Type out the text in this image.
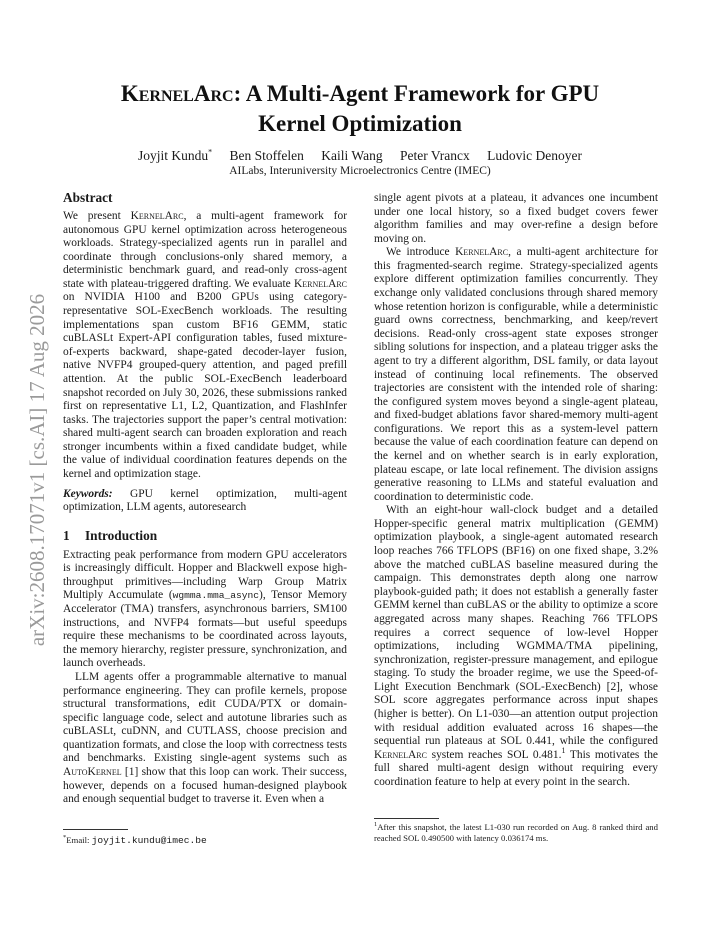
arXiv:2608.17071v1 [cs.AI] 17 Aug 2026
KernelArc: A Multi-Agent Framework for GPU
Kernel Optimization
Joyjit Kundu* Ben Stoffelen Kaili Wang Peter Vrancx Ludovic Denoyer
AILabs, Interuniversity Microelectronics Centre (IMEC)
Abstract

We present KernelArc, a multi-agent framework for autonomous GPU kernel optimization across heterogeneous workloads. Strategy-specialized agents run in parallel and coordinate through conclusions-only shared memory, a deterministic benchmark guard, and read-only cross-agent state with plateau-triggered drafting. We evaluate KernelArc on NVIDIA H100 and B200 GPUs using category-representative SOL-ExecBench workloads. The resulting implementations span custom BF16 GEMM, static cuBLASLt Expert-API configuration tables, fused mixture-of-experts backward, shape-gated decoder-layer fusion, native NVFP4 grouped-query attention, and paged prefill attention. At the public SOL-ExecBench leaderboard snapshot recorded on July 30, 2026, these submissions ranked first on representative L1, L2, Quantization, and FlashInfer tasks. The trajectories support the paper’s central motivation: shared multi-agent search can broaden exploration and reach stronger incumbents within a fixed candidate budget, while the value of individual coordination features depends on the kernel and optimization stage.

Keywords: GPU kernel optimization, multi-agent optimization, LLM agents, autoresearch

1 Introduction

Extracting peak performance from modern GPU accelerators is increasingly difficult. Hopper and Blackwell expose high-throughput primitives—including Warp Group Matrix Multiply Accumulate (wgmma.mma_async), Tensor Memory Accelerator (TMA) transfers, asynchronous barriers, SM100 instructions, and NVFP4 formats—but useful speedups require these mechanisms to be coordinated across layouts, the memory hierarchy, register pressure, synchronization, and launch overheads.

LLM agents offer a programmable alternative to manual performance engineering. They can profile kernels, propose structural transformations, edit CUDA/PTX or domain-specific language code, select and autotune libraries such as cuBLASLt, cuDNN, and CUTLASS, choose precision and quantization formats, and close the loop with correctness tests and benchmarks. Existing single-agent systems such as AutoKernel [1] show that this loop can work. Their success, however, depends on a focused human-designed playbook and enough sequential budget to traverse it. Even when a

single agent pivots at a plateau, it advances one incumbent under one local history, so a fixed budget covers fewer algorithm families and may over-refine a design before moving on.

We introduce KernelArc, a multi-agent architecture for this fragmented-search regime. Strategy-specialized agents explore different optimization families concurrently. They exchange only validated conclusions through shared memory whose retention horizon is configurable, while a deterministic guard owns correctness, benchmarking, and keep/revert decisions. Read-only cross-agent state exposes stronger sibling solutions for inspection, and a plateau trigger asks the agent to try a different algorithm, DSL family, or data layout instead of continuing local refinements. The observed trajectories are consistent with the intended role of sharing: the configured system moves beyond a single-agent plateau, and fixed-budget ablations favor shared-memory multi-agent configurations. We report this as a system-level pattern because the value of each coordination feature can depend on the kernel and on whether search is in early exploration, plateau escape, or late local refinement. The division assigns generative reasoning to LLMs and stateful evaluation and coordination to deterministic code.

With an eight-hour wall-clock budget and a detailed Hopper-specific general matrix multiplication (GEMM) optimization playbook, a single-agent automated research loop reaches 766 TFLOPS (BF16) on one fixed shape, 3.2% above the matched cuBLAS baseline measured during the campaign. This demonstrates depth along one narrow playbook-guided path; it does not establish a generally faster GEMM kernel than cuBLAS or the ability to optimize a score aggregated across many shapes. Reaching 766 TFLOPS requires a correct sequence of low-level Hopper optimizations, including WGMMA/TMA pipelining, synchronization, register-pressure management, and epilogue staging. To study the broader regime, we use the Speed-of-Light Execution Benchmark (SOL-ExecBench) [2], whose SOL score aggregates performance across input shapes (higher is better). On L1-030—an attention output projection with residual addition evaluated across 16 shapes—the sequential run plateaus at SOL 0.441, while the configured KernelArc system reaches SOL 0.481.$^1$ This motivates the full shared multi-agent design without requiring every coordination feature to help at every point in the search.

*Email: joyjit.kundu@imec.be
$^1$After this snapshot, the latest L1-030 run recorded on Aug. 8 ranked third and reached SOL 0.490500 with latency 0.036174 ms.
